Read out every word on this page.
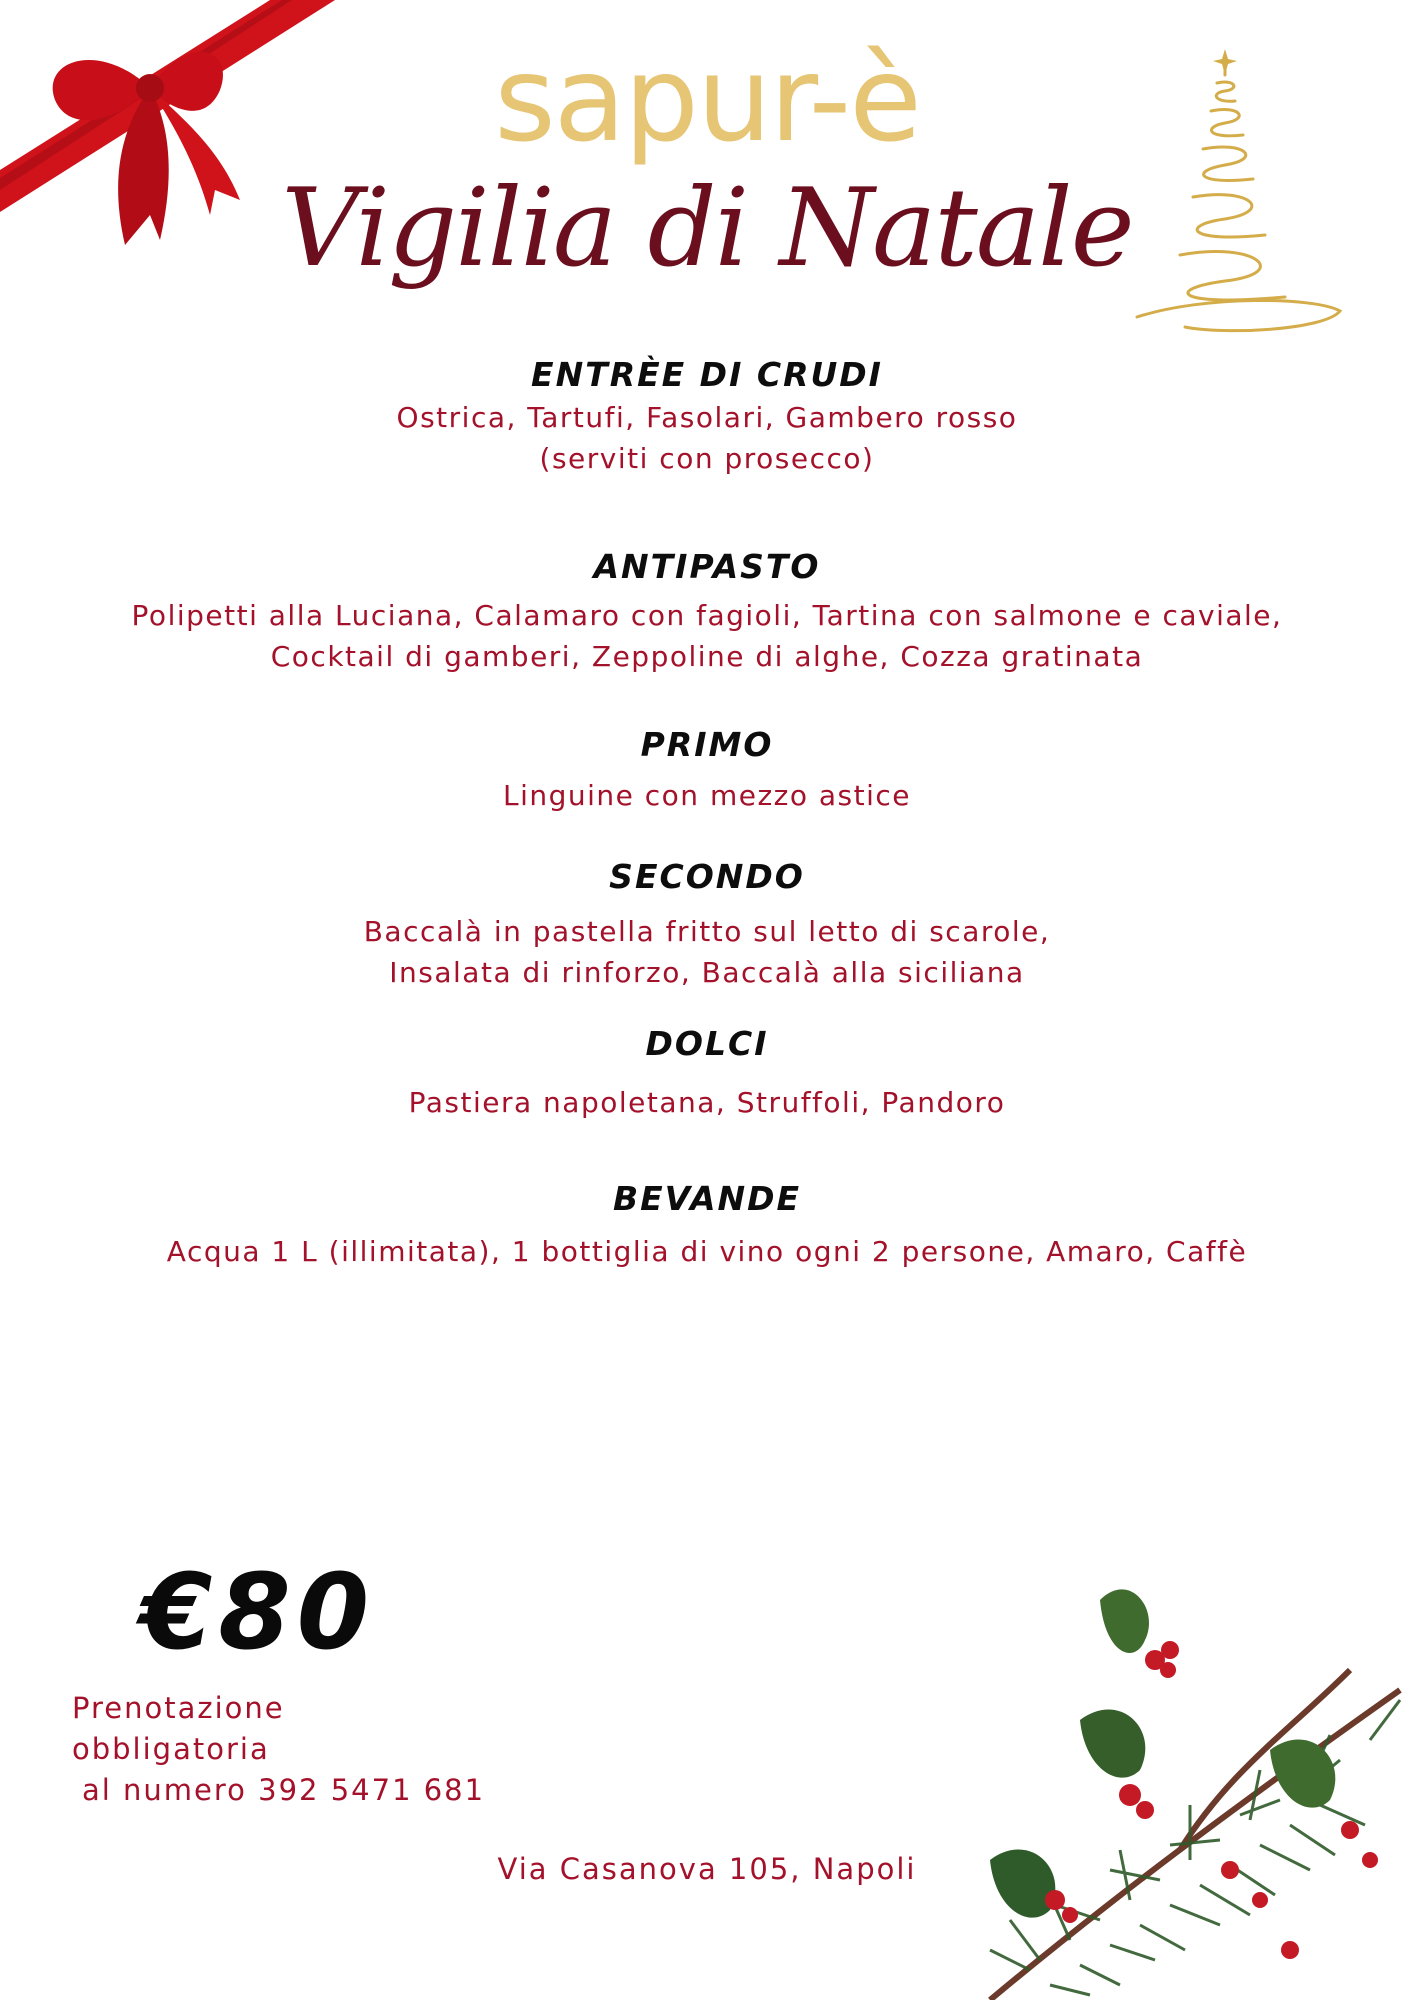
sapur-è
Vigilia di Natale
ENTRÈE DI CRUDI
Ostrica, Tartufi, Fasolari, Gambero rosso
(serviti con prosecco)
ANTIPASTO
Polipetti alla Luciana, Calamaro con fagioli, Tartina con salmone e caviale,
Cocktail di gamberi, Zeppoline di alghe, Cozza gratinata
PRIMO
Linguine con mezzo astice
SECONDO
Baccalà in pastella fritto sul letto di scarole,
Insalata di rinforzo, Baccalà alla siciliana
DOLCI
Pastiera napoletana, Struffoli, Pandoro
BEVANDE
Acqua 1 L (illimitata), 1 bottiglia di vino ogni 2 persone, Amaro, Caffè
€80
Prenotazione obbligatoria
al numero 392 5471 681
Via Casanova 105, Napoli
